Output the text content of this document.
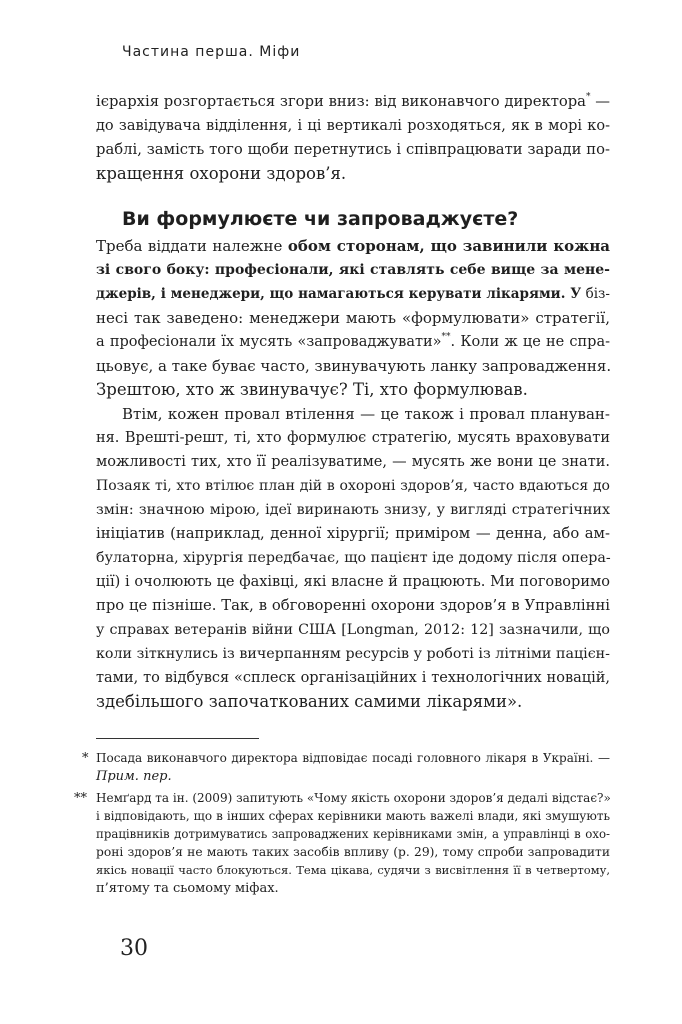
Частина перша. Міфи
ієрархія розгортається згори вниз: від виконавчого директора* —
до завідувача відділення, і ці вертикалі розходяться, як в морі ко-
раблі, замість того щоби перетнутись і співпрацювати заради по-
кращення охорони здоров’я.
Ви формулюєте чи запроваджуєте?
Треба віддати належне обом сторонам, що завинили кожна
зі свого боку: професіонали, які ставлять себе вище за мене-
джерів, і менеджери, що намагаються керувати лікарями. У біз-
несі так заведено: менеджери мають «формулювати» стратегії,
а професіонали їх мусять «запроваджувати»**. Коли ж це не спра-
цьовує, а таке буває часто, звинувачують ланку запровадження.
Зрештою, хто ж звинувачує? Ті, хто формулював.
Втім, кожен провал втілення — це також і провал плануван-
ня. Врешті-решт, ті, хто формулює стратегію, мусять враховувати
можливості тих, хто її реалізуватиме, — мусять же вони це знати.
Позаяк ті, хто втілює план дій в охороні здоров’я, часто вдаються до
змін: значною мірою, ідеї виринають знизу, у вигляді стратегічних
ініціатив (наприклад, денної хірургії; приміром — денна, або ам-
булаторна, хірургія передбачає, що пацієнт іде додому після опера-
ції) і очолюють це фахівці, які власне й працюють. Ми поговоримо
про це пізніше. Так, в обговоренні охорони здоров’я в Управлінні
у справах ветеранів війни США [Longman, 2012: 12] зазначили, що
коли зіткнулись із вичерпанням ресурсів у роботі із літніми пацієн-
тами, то відбувся «сплеск організаційних і технологічних новацій,
здебільшого започаткованих самими лікарями».
* Посада виконавчого директора відповідає посаді головного лікаря в Україні. —
Прим. пер.
** Немґард та ін. (2009) запитують «Чому якість охорони здоров’я дедалі відстає?»
і відповідають, що в інших сферах керівники мають важелі влади, які змушують
працівників дотримуватись запроваджених керівниками змін, а управлінці в охо-
роні здоров’я не мають таких засобів впливу (p. 29), тому спроби запровадити
якісь новації часто блокуються. Тема цікава, судячи з висвітлення її в четвертому,
п’ятому та сьомому міфах.
30
